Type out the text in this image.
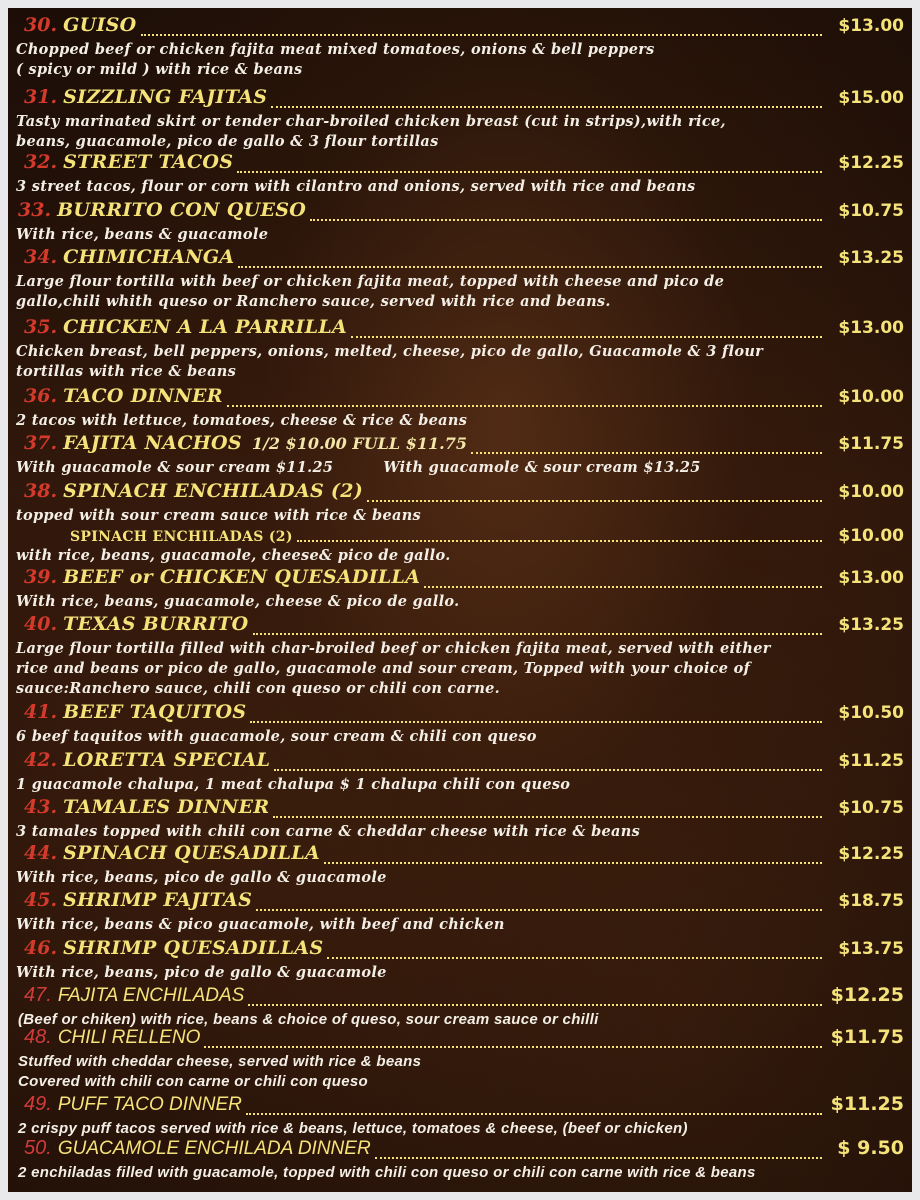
30. GUISO	$13.00
Chopped beef or chicken fajita meat mixed tomatoes, onions & bell peppers
( spicy or mild ) with rice & beans
31. SIZZLING FAJITAS	$15.00
Tasty marinated skirt or tender char-broiled chicken breast (cut in strips),with rice,
beans, guacamole, pico de gallo & 3 flour tortillas
32. STREET TACOS	$12.25
3 street tacos, flour or corn with cilantro and onions, served with rice and beans
33. BURRITO CON QUESO	$10.75
With rice, beans & guacamole
34. CHIMICHANGA	$13.25
Large flour tortilla with beef or chicken fajita meat, topped with cheese and pico de
gallo,chili whith queso or Ranchero sauce, served with rice and beans.
35. CHICKEN A LA PARRILLA	$13.00
Chicken breast, bell peppers, onions, melted, cheese, pico de gallo, Guacamole & 3 flour
tortillas with rice & beans
36. TACO DINNER	$10.00
2 tacos with lettuce, tomatoes, cheese & rice & beans
37. FAJITA NACHOS 1/2 $10.00 FULL $11.75	$11.75
With guacamole & sour cream $11.25	With guacamole & sour cream $13.25
38. SPINACH ENCHILADAS (2)	$10.00
topped with sour cream sauce with rice & beans
SPINACH ENCHILADAS (2)	$10.00
with rice, beans, guacamole, cheese& pico de gallo.
39. BEEF or CHICKEN QUESADILLA	$13.00
With rice, beans, guacamole, cheese & pico de gallo.
40. TEXAS BURRITO	$13.25
Large flour tortilla filled with char-broiled beef or chicken fajita meat, served with either
rice and beans or pico de gallo, guacamole and sour cream, Topped with your choice of
sauce:Ranchero sauce, chili con queso or chili con carne.
41. BEEF TAQUITOS	$10.50
6 beef taquitos with guacamole, sour cream & chili con queso
42. LORETTA SPECIAL	$11.25
1 guacamole chalupa, 1 meat chalupa $ 1 chalupa chili con queso
43. TAMALES DINNER	$10.75
3 tamales topped with chili con carne & cheddar cheese with rice & beans
44. SPINACH QUESADILLA	$12.25
With rice, beans, pico de gallo & guacamole
45. SHRIMP FAJITAS	$18.75
With rice, beans & pico guacamole, with beef and chicken
46. SHRIMP QUESADILLAS	$13.75
With rice, beans, pico de gallo & guacamole
47. FAJITA ENCHILADAS	$12.25
(Beef or chiken) with rice, beans & choice of queso, sour cream sauce or chilli
48. CHILI RELLENO	$11.75
Stuffed with cheddar cheese, served with rice & beans
Covered with chili con carne or chili con queso
49. PUFF TACO DINNER	$11.25
2 crispy puff tacos served with rice & beans, lettuce, tomatoes & cheese, (beef or chicken)
50. GUACAMOLE ENCHILADA DINNER	$ 9.50
2 enchiladas filled with guacamole, topped with chili con queso or chili con carne with rice & beans
